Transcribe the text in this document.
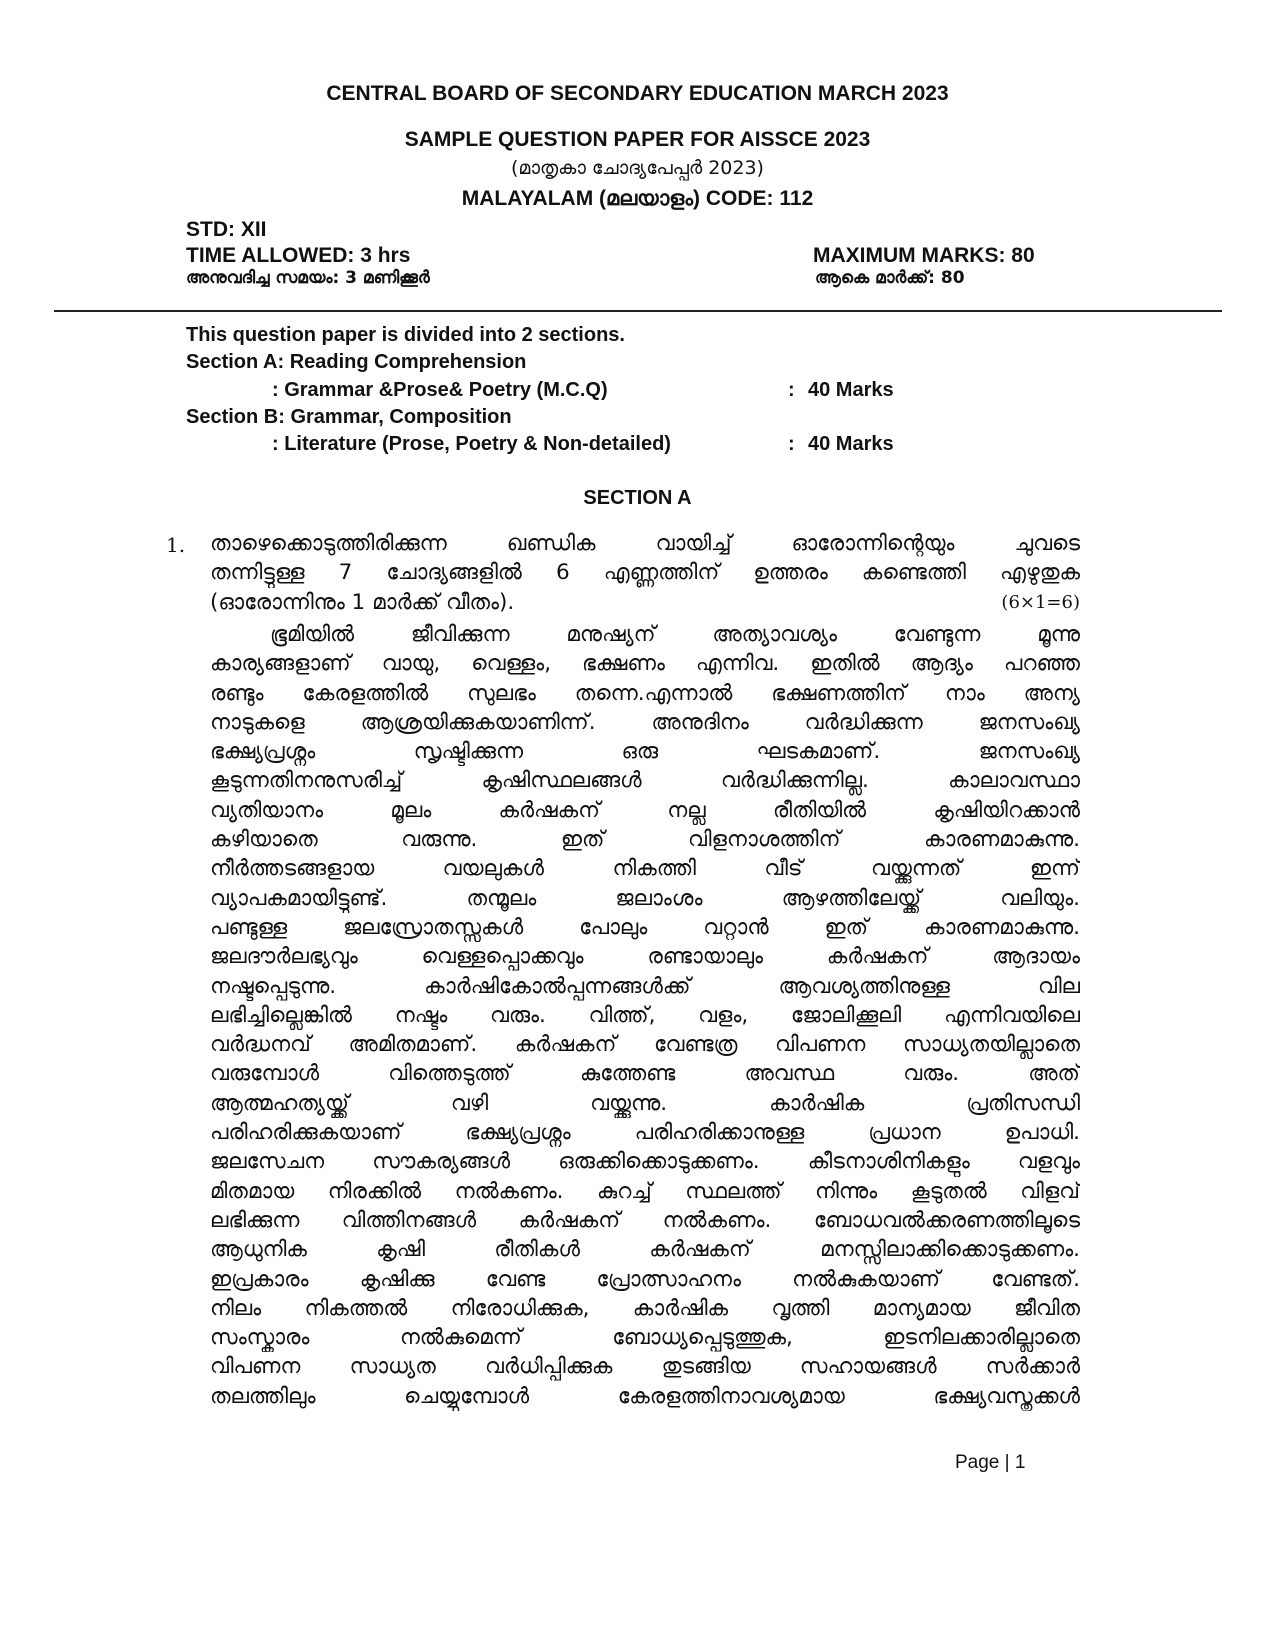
CENTRAL BOARD OF SECONDARY EDUCATION MARCH 2023
SAMPLE QUESTION PAPER FOR AISSCE 2023
(മാതൃകാ ചോദ്യപേപ്പർ 2023)
MALAYALAM (മലയാളം) CODE: 112
STD: XII
TIME ALLOWED: 3 hrs
അനുവദിച്ച സമയം: 3 മണിക്കൂർ
MAXIMUM MARKS: 80
ആകെ മാർക്ക്: 80
This question paper is divided into 2 sections.
Section A: Reading Comprehension
: Grammar &Prose& Poetry (M.C.Q)	: 40 Marks
Section B: Grammar, Composition
: Literature (Prose, Poetry & Non-detailed)	: 40 Marks
SECTION A
1. താഴെക്കൊടുത്തിരിക്കുന്ന ഖണ്ഡിക വായിച്ച് ഓരോന്നിന്റെയും ചുവടെ
തന്നിട്ടുള്ള 7 ചോദ്യങ്ങളിൽ 6 എണ്ണത്തിന് ഉത്തരം കണ്ടെത്തി എഴുതുക
(ഓരോന്നിനും 1 മാർക്ക് വീതം).	(6×1=6)
ഭൂമിയിൽ ജീവിക്കുന്ന മനുഷ്യന് അത്യാവശ്യം വേണ്ടുന്ന മൂന്നു
കാര്യങ്ങളാണ് വായു, വെള്ളം, ഭക്ഷണം എന്നിവ. ഇതിൽ ആദ്യം പറഞ്ഞ
രണ്ടും കേരളത്തിൽ സുലഭം തന്നെ.എന്നാൽ ഭക്ഷണത്തിന് നാം അന്യ
നാടുകളെ ആശ്രയിക്കുകയാണിന്ന്. അനുദിനം വർദ്ധിക്കുന്ന ജനസംഖ്യ
ഭക്ഷ്യപ്രശ്നം സൃഷ്ടിക്കുന്ന ഒരു ഘടകമാണ്. ജനസംഖ്യ
കൂടുന്നതിനനുസരിച്ച് കൃഷിസ്ഥലങ്ങൾ വർദ്ധിക്കുന്നില്ല. കാലാവസ്ഥാ
വ്യതിയാനം മൂലം കർഷകന് നല്ല രീതിയിൽ കൃഷിയിറക്കാൻ
കഴിയാതെ വരുന്നു. ഇത് വിളനാശത്തിന് കാരണമാകുന്നു.
നീർത്തടങ്ങളായ വയലുകൾ നികത്തി വീട് വയ്ക്കുന്നത് ഇന്ന്
വ്യാപകമായിട്ടുണ്ട്. തന്മൂലം ജലാംശം ആഴത്തിലേയ്ക്ക് വലിയും.
പണ്ടുള്ള ജലസ്രോതസ്സുകൾ പോലും വറ്റാൻ ഇത് കാരണമാകുന്നു.
ജലദൗർലഭ്യവും വെള്ളപ്പൊക്കവും രണ്ടായാലും കർഷകന് ആദായം
നഷ്ടപ്പെടുന്നു. കാർഷികോൽപ്പന്നങ്ങൾക്ക് ആവശ്യത്തിനുള്ള വില
ലഭിച്ചില്ലെങ്കിൽ നഷ്ടം വരും. വിത്ത്, വളം, ജോലിക്കൂലി എന്നിവയിലെ
വർദ്ധനവ് അമിതമാണ്. കർഷകന് വേണ്ടത്ര വിപണന സാധ്യതയില്ലാതെ
വരുമ്പോൾ വിത്തെടുത്ത് കുത്തേണ്ട അവസ്ഥ വരും. അത്
ആത്മഹത്യയ്ക്ക് വഴി വയ്ക്കുന്നു. കാർഷിക പ്രതിസന്ധി
പരിഹരിക്കുകയാണ് ഭക്ഷ്യപ്രശ്നം പരിഹരിക്കാനുള്ള പ്രധാന ഉപാധി.
ജലസേചന സൗകര്യങ്ങൾ ഒരുക്കിക്കൊടുക്കണം. കീടനാശിനികളും വളവും
മിതമായ നിരക്കിൽ നൽകണം. കുറച്ച് സ്ഥലത്ത് നിന്നും കൂടുതൽ വിളവ്
ലഭിക്കുന്ന വിത്തിനങ്ങൾ കർഷകന് നൽകണം. ബോധവൽക്കരണത്തിലൂടെ
ആധുനിക കൃഷി രീതികൾ കർഷകന് മനസ്സിലാക്കിക്കൊടുക്കണം.
ഇപ്രകാരം കൃഷിക്കു വേണ്ട പ്രോത്സാഹനം നൽകുകയാണ് വേണ്ടത്.
നിലം നികത്തൽ നിരോധിക്കുക, കാർഷിക വൃത്തി മാന്യമായ ജീവിത
സംസ്കാരം നൽകുമെന്ന് ബോധ്യപ്പെടുത്തുക, ഇടനിലക്കാരില്ലാതെ
വിപണന സാധ്യത വർധിപ്പിക്കുക തുടങ്ങിയ സഹായങ്ങൾ സർക്കാർ
തലത്തിലും ചെയ്യുമ്പോൾ കേരളത്തിനാവശ്യമായ ഭക്ഷ്യവസ്തുക്കൾ
Page | 1
